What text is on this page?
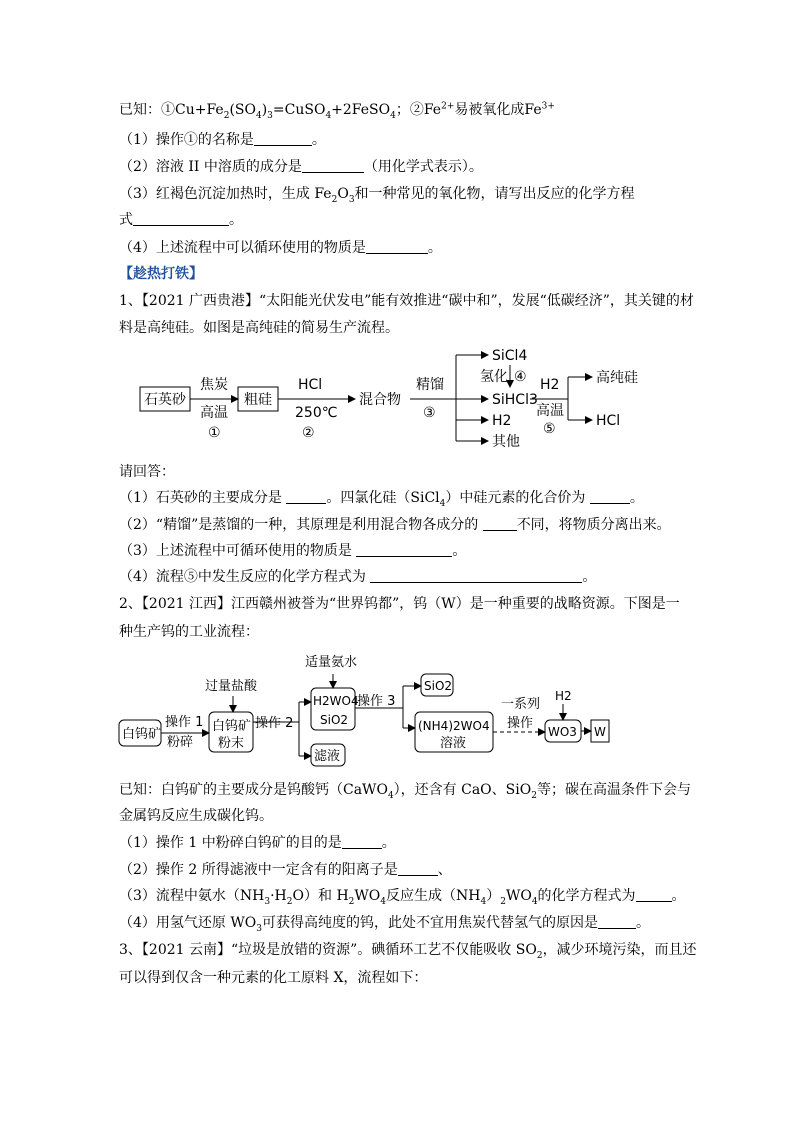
已知：$①Cu+Fe_2(SO_4)_3=CuSO_4+2FeSO_4$；$②Fe^{2+}$易被氧化成$Fe^{3+}$
（1）操作①的名称是	。
（2）溶液 II 中溶质的成分是	（用化学式表示）。
（3）红褐色沉淀加热时，生成 $Fe_2O_3$和一种常见的氧化物，请写出反应的化学方程
式	。
（4）上述流程中可以循环使用的物质是	。
【趁热打铁】
1、【2021 广西贵港】“太阳能光伏发电”能有效推进“碳中和”，发展“低碳经济”，其关键的材
料是高纯硅。如图是高纯硅的简易生产流程。
石英砂
焦炭
高温
①
粗硅
HCl
250℃
②
混合物
精馏
③
SiCl4
氢化 ④
SiHCl3
H2
其他
H2
高温
⑤
高纯硅
HCl
请回答：
（1）石英砂的主要成分是	。四氯化硅（SiCl$_4$）中硅元素的化合价为	。
（2）“精馏”是蒸馏的一种，其原理是利用混合物各成分的	不同，将物质分离出来。
（3）上述流程中可循环使用的物质是	。
（4）流程⑤中发生反应的化学方程式为	。
2、【2021 江西】江西赣州被誉为“世界钨都”，钨（W）是一种重要的战略资源。下图是一
种生产钨的工业流程：
适量氨水
过量盐酸
白钨矿
操作 1
粉碎
白钨矿
粉末
操作 2
H2WO4
SiO2
操作 3
SiO2
滤液
(NH4)2WO4
溶液
一系列
操作
H2
WO3 W
已知：白钨矿的主要成分是钨酸钙（CaWO$_4$），还含有 CaO、SiO$_2$等；碳在高温条件下会与
金属钨反应生成碳化钨。
（1）操作 1 中粉碎白钨矿的目的是	。
（2）操作 2 所得滤液中一定含有的阳离子是	、
（3）流程中氨水$(NH_3\cdot H_2O)$和 $H_2WO_4$反应生成$(NH_4)_2WO_4$的化学方程式为	。
（4）用氢气还原 $WO_3$可获得高纯度的钨，此处不宜用焦炭代替氢气的原因是	。
3、【2021 云南】“垃圾是放错的资源”。碘循环工艺不仅能吸收 $SO_2$，减少环境污染，而且还
可以得到仅含一种元素的化工原料 X，流程如下：
